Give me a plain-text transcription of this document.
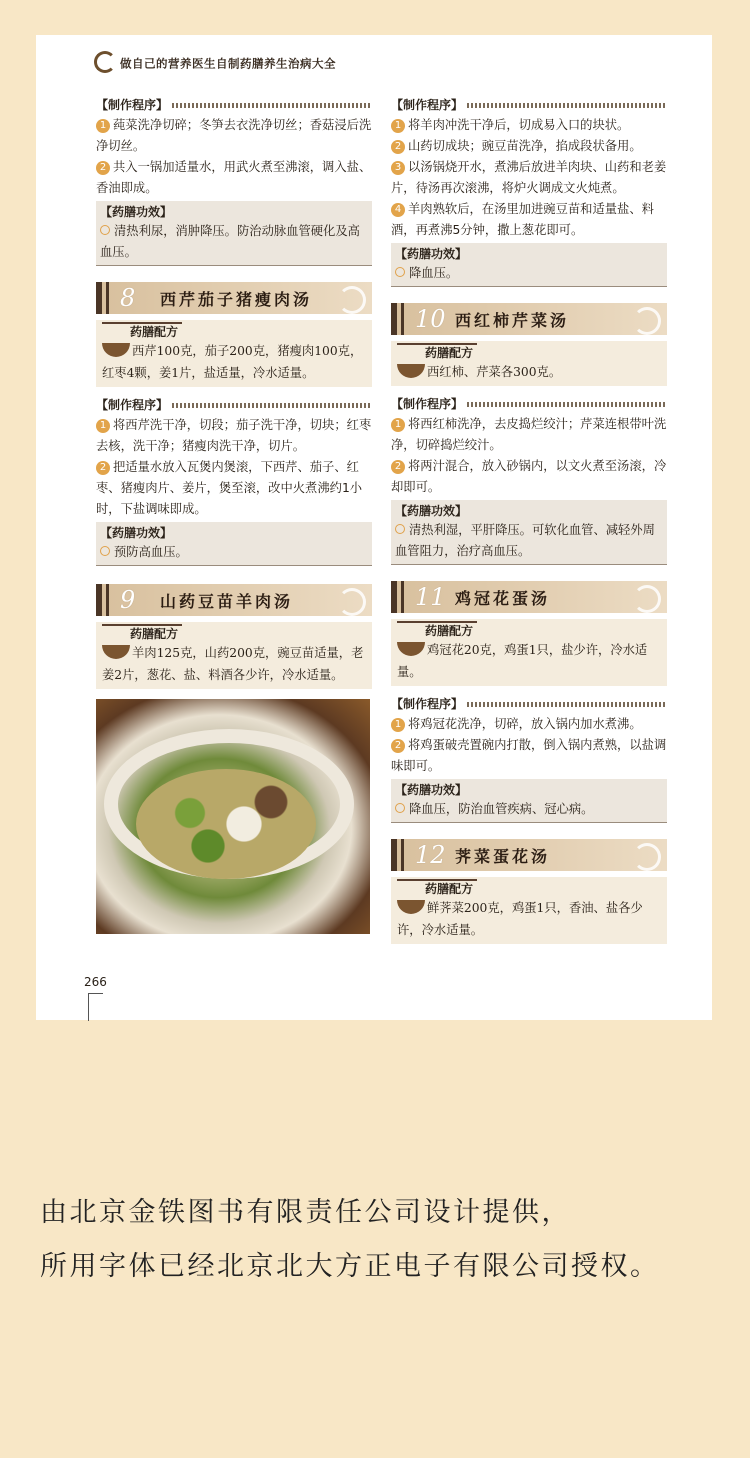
做自己的营养医生自制药膳养生治病大全
【制作程序】

1 莼菜洗净切碎；冬笋去衣洗净切丝；香菇浸后洗净切丝。

2 共入一锅加适量水，用武火煮至沸滚，调入盐、香油即成。

【药膳功效】
清热利尿，消肿降压。防治动脉血管硬化及高血压。
8	西芹茄子猪瘦肉汤
药膳配方
西芹100克，茄子200克，猪瘦肉100克，红枣4颗，姜1片，盐适量，冷水适量。
【制作程序】

1 将西芹洗干净，切段；茄子洗干净，切块；红枣去核，洗干净；猪瘦肉洗干净，切片。

2 把适量水放入瓦煲内煲滚，下西芹、茄子、红枣、猪瘦肉片、姜片，煲至滚，改中火煮沸约1小时，下盐调味即成。

【药膳功效】
预防高血压。
9	山药豆苗羊肉汤
药膳配方
羊肉125克，山药200克，豌豆苗适量，老姜2片，葱花、盐、料酒各少许，冷水适量。
【制作程序】

1 将羊肉冲洗干净后，切成易入口的块状。

2 山药切成块；豌豆苗洗净，掐成段状备用。

3 以汤锅烧开水，煮沸后放进羊肉块、山药和老姜片，待汤再次滚沸，将炉火调成文火炖煮。

4 羊肉熟软后，在汤里加进豌豆苗和适量盐、料酒，再煮沸5分钟，撒上葱花即可。

【药膳功效】
降血压。
10 西红柿芹菜汤
药膳配方
西红柿、芹菜各300克。
【制作程序】

1 将西红柿洗净，去皮捣烂绞汁；芹菜连根带叶洗净，切碎捣烂绞汁。

2 将两汁混合，放入砂锅内，以文火煮至汤滚，冷却即可。

【药膳功效】
清热利湿，平肝降压。可软化血管、减轻外周血管阻力，治疗高血压。
11 鸡冠花蛋汤
药膳配方
鸡冠花20克，鸡蛋1只，盐少许，冷水适量。
【制作程序】

1 将鸡冠花洗净，切碎，放入锅内加水煮沸。

2 将鸡蛋破壳置碗内打散，倒入锅内煮熟，以盐调味即可。

【药膳功效】
降血压，防治血管疾病、冠心病。
12 荠菜蛋花汤
药膳配方
鲜荠菜200克，鸡蛋1只，香油、盐各少许，冷水适量。
266
由北京金铁图书有限责任公司设计提供，
所用字体已经北京北大方正电子有限公司授权。
